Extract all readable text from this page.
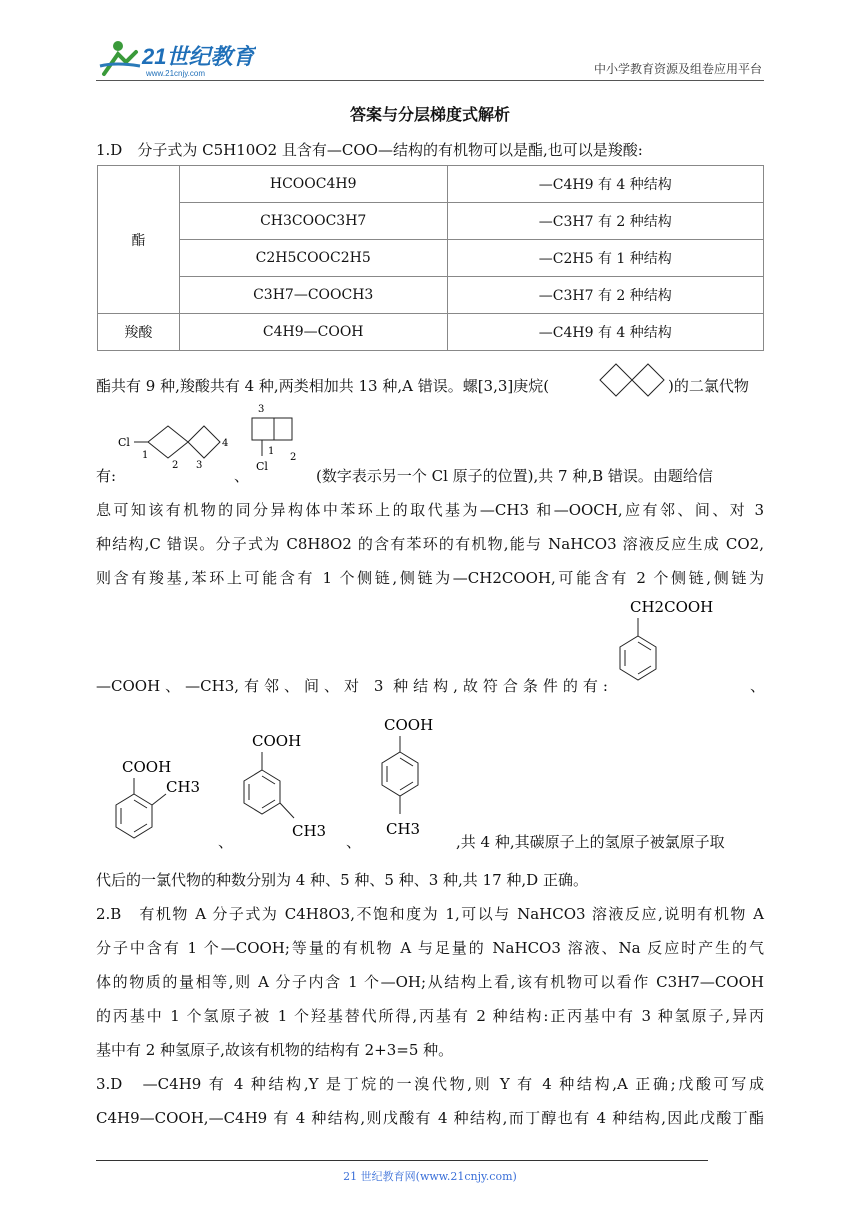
21世纪教育
www.21cnjy.com	中小学教育资源及组卷应用平台
答案与分层梯度式解析
1.D　分子式为 C5H10O2 且含有—COO—结构的有机物可以是酯,也可以是羧酸:
酯	HCOOC4H9	—C4H9 有 4 种结构
	CH3COOC3H7	—C3H7 有 2 种结构
	C2H5COOC2H5	—C2H5 有 1 种结构
	C3H7—COOCH3	—C3H7 有 2 种结构
羧酸	C4H9—COOH	—C4H9 有 4 种结构
酯共有 9 种,羧酸共有 4 种,两类相加共 13 种,A 错误。螺[3,3]庚烷(	)的二氯代物
Cl
1
2 3
4
3
1
Cl
2
有:	、	(数字表示另一个 Cl 原子的位置),共 7 种,B 错误。由题给信
息可知该有机物的同分异构体中苯环上的取代基为—CH3 和—OOCH,应有邻、间、对 3
种结构,C 错误。分子式为 C8H8O2 的含有苯环的有机物,能与 NaHCO3 溶液反应生成 CO2,
则含有羧基,苯环上可能含有 1 个侧链,侧链为—CH2COOH,可能含有 2 个侧链,侧链为
CH2COOH
—COOH、—CH3,有邻、间、对 3 种结构,故符合条件的有:	、
COOH
CH3
、
COOH
CH3
、
COOH
CH3
,共 4 种,其碳原子上的氢原子被氯原子取
代后的一氯代物的种数分别为 4 种、5 种、5 种、3 种,共 17 种,D 正确。
2.B　有机物 A 分子式为 C4H8O3,不饱和度为 1,可以与 NaHCO3 溶液反应,说明有机物 A
分子中含有 1 个—COOH;等量的有机物 A 与足量的 NaHCO3 溶液、Na 反应时产生的气
体的物质的量相等,则 A 分子内含 1 个—OH;从结构上看,该有机物可以看作 C3H7—COOH
的丙基中 1 个氢原子被 1 个羟基替代所得,丙基有 2 种结构:正丙基中有 3 种氢原子,异丙
基中有 2 种氢原子,故该有机物的结构有 2+3=5 种。
3.D　—C4H9 有 4 种结构,Y 是丁烷的一溴代物,则 Y 有 4 种结构,A 正确;戊酸可写成
C4H9—COOH,—C4H9 有 4 种结构,则戊酸有 4 种结构,而丁醇也有 4 种结构,因此戊酸丁酯
21 世纪教育网(www.21cnjy.com)
